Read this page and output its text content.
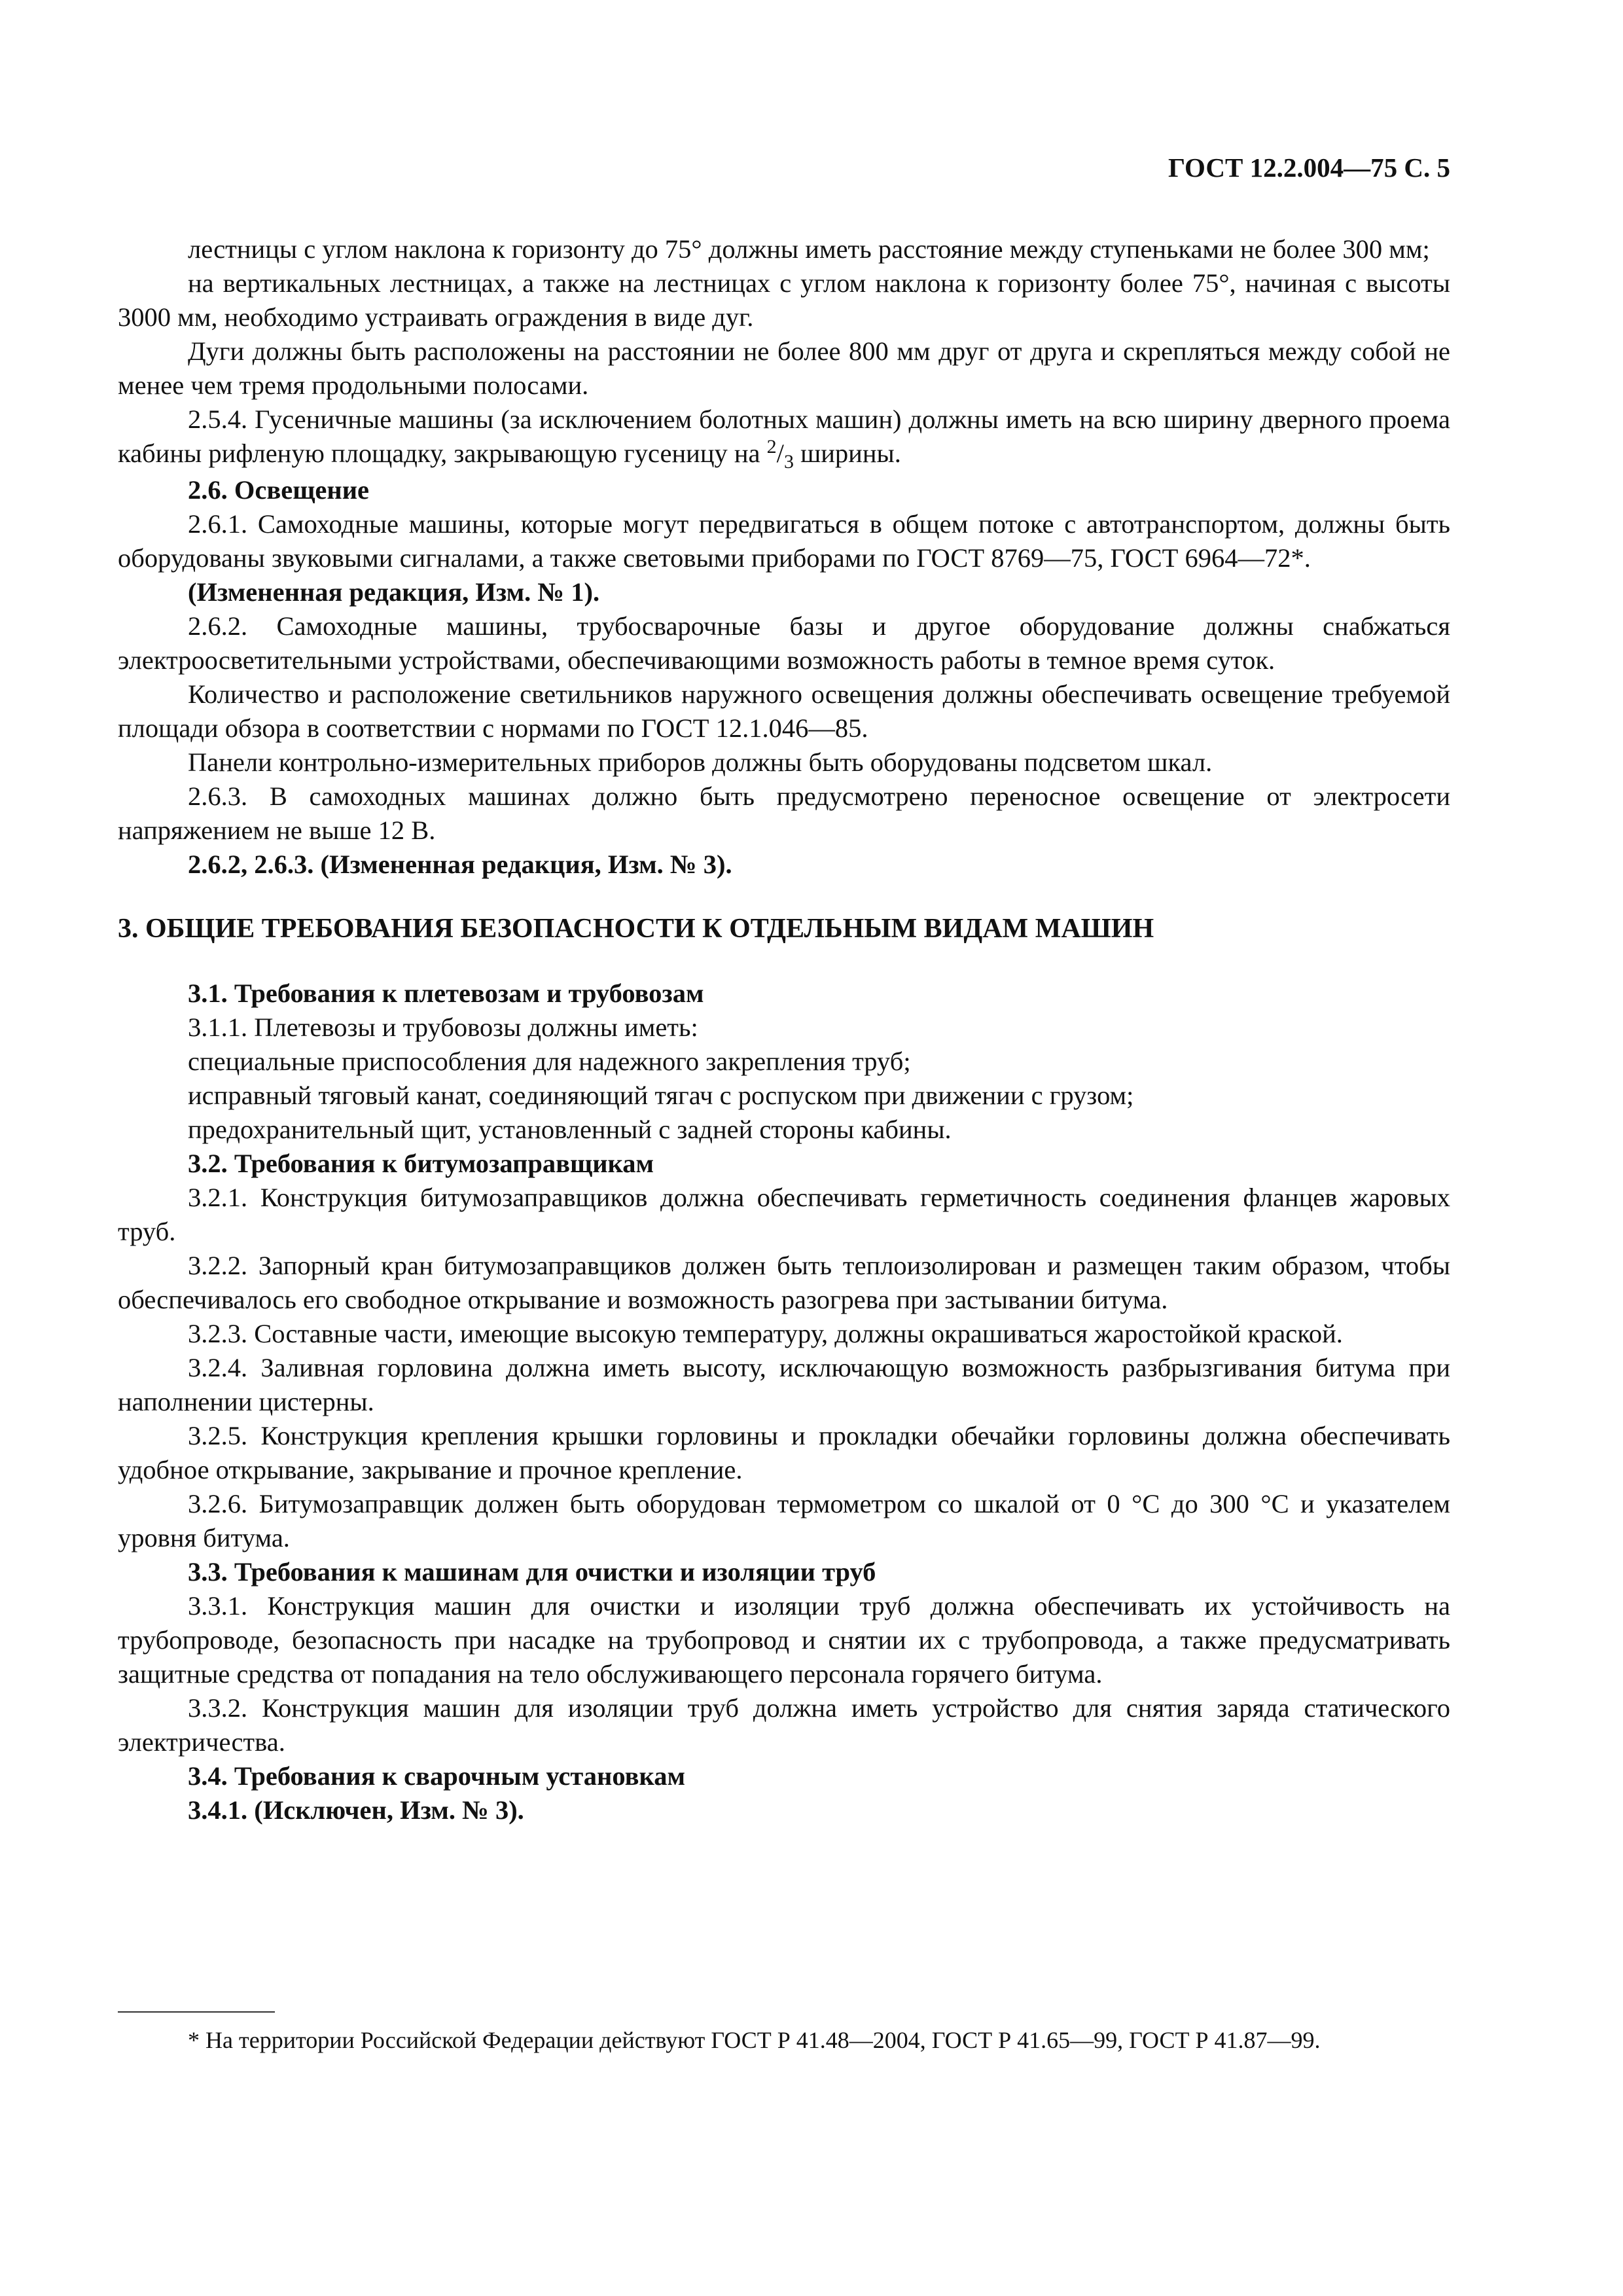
ГОСТ 12.2.004—75 С. 5

лестницы с углом наклона к горизонту до 75° должны иметь расстояние между ступеньками не более 300 мм;

на вертикальных лестницах, а также на лестницах с углом наклона к горизонту более 75°, начиная с высоты 3000 мм, необходимо устраивать ограждения в виде дуг.

Дуги должны быть расположены на расстоянии не более 800 мм друг от друга и скрепляться между собой не менее чем тремя продольными полосами.

2.5.4. Гусеничные машины (за исключением болотных машин) должны иметь на всю ширину дверного проема кабины рифленую площадку, закрывающую гусеницу на $^2/_3$ ширины.

2.6. Освещение

2.6.1. Самоходные машины, которые могут передвигаться в общем потоке с автотранспортом, должны быть оборудованы звуковыми сигналами, а также световыми приборами по ГОСТ 8769—75, ГОСТ 6964—72*.

(Измененная редакция, Изм. № 1).

2.6.2. Самоходные машины, трубосварочные базы и другое оборудование должны снабжаться электроосветительными устройствами, обеспечивающими возможность работы в темное время суток.

Количество и расположение светильников наружного освещения должны обеспечивать освещение требуемой площади обзора в соответствии с нормами по ГОСТ 12.1.046—85.

Панели контрольно-измерительных приборов должны быть оборудованы подсветом шкал.

2.6.3. В самоходных машинах должно быть предусмотрено переносное освещение от электросети напряжением не выше 12 В.

2.6.2, 2.6.3. (Измененная редакция, Изм. № 3).

3. ОБЩИЕ ТРЕБОВАНИЯ БЕЗОПАСНОСТИ К ОТДЕЛЬНЫМ ВИДАМ МАШИН

3.1. Требования к плетевозам и трубовозам

3.1.1. Плетевозы и трубовозы должны иметь:

специальные приспособления для надежного закрепления труб;

исправный тяговый канат, соединяющий тягач с роспуском при движении с грузом;

предохранительный щит, установленный с задней стороны кабины.

3.2. Требования к битумозаправщикам

3.2.1. Конструкция битумозаправщиков должна обеспечивать герметичность соединения фланцев жаровых труб.

3.2.2. Запорный кран битумозаправщиков должен быть теплоизолирован и размещен таким образом, чтобы обеспечивалось его свободное открывание и возможность разогрева при застывании битума.

3.2.3. Составные части, имеющие высокую температуру, должны окрашиваться жаростойкой краской.

3.2.4. Заливная горловина должна иметь высоту, исключающую возможность разбрызгивания битума при наполнении цистерны.

3.2.5. Конструкция крепления крышки горловины и прокладки обечайки горловины должна обеспечивать удобное открывание, закрывание и прочное крепление.

3.2.6. Битумозаправщик должен быть оборудован термометром со шкалой от 0 °С до 300 °С и указателем уровня битума.

3.3. Требования к машинам для очистки и изоляции труб

3.3.1. Конструкция машин для очистки и изоляции труб должна обеспечивать их устойчивость на трубопроводе, безопасность при насадке на трубопровод и снятии их с трубопровода, а также предусматривать защитные средства от попадания на тело обслуживающего персонала горячего битума.

3.3.2. Конструкция машин для изоляции труб должна иметь устройство для снятия заряда статического электричества.

3.4. Требования к сварочным установкам

3.4.1. (Исключен, Изм. № 3).

* На территории Российской Федерации действуют ГОСТ Р 41.48—2004, ГОСТ Р 41.65—99, ГОСТ Р 41.87—99.
